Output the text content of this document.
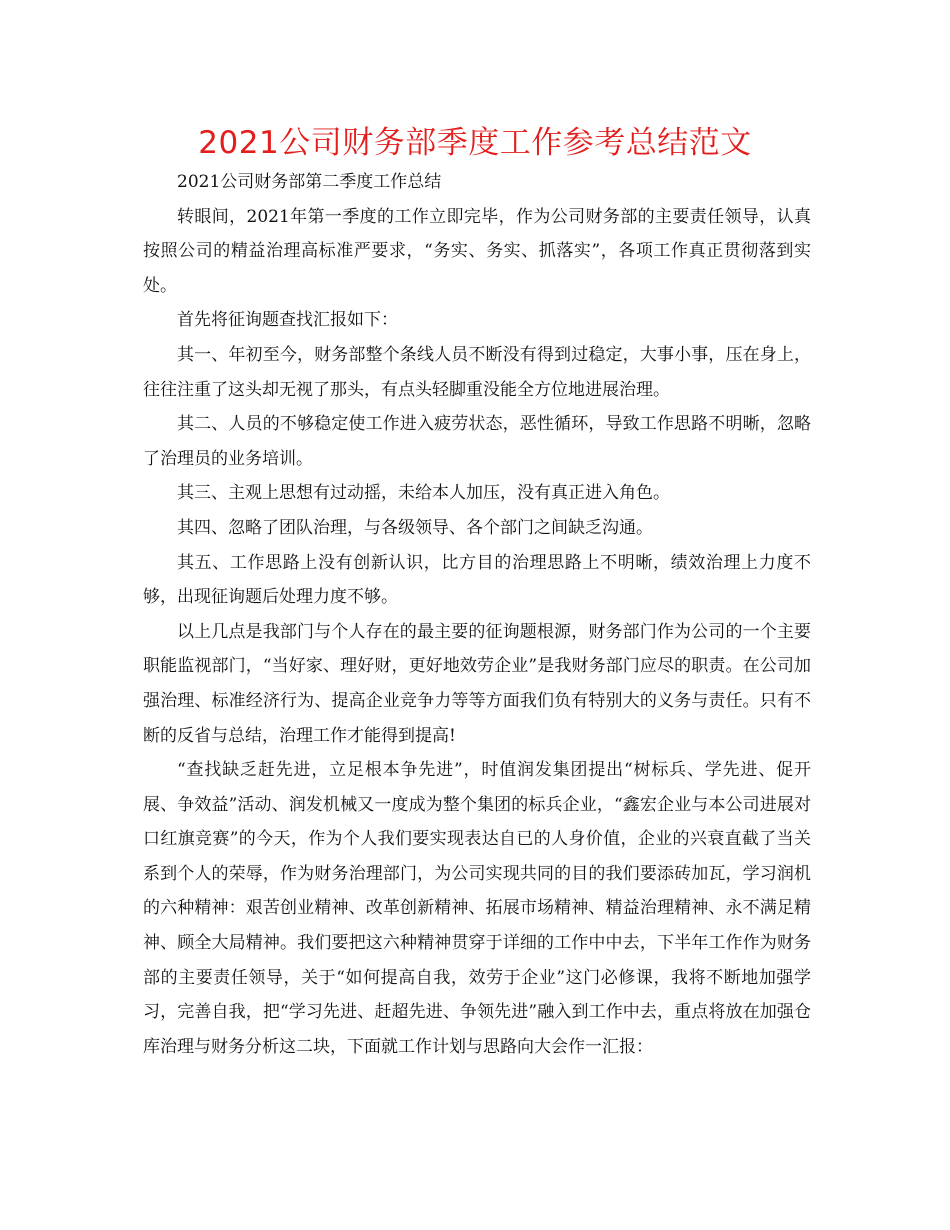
2021公司财务部季度工作参考总结范文

2021公司财务部第二季度工作总结

转眼间，2021年第一季度的工作立即完毕，作为公司财务部的主要责任领导，认真按照公司的精益治理高标准严要求，“务实、务实、抓落实”，各项工作真正贯彻落到实处。

首先将征询题查找汇报如下：

其一、年初至今，财务部整个条线人员不断没有得到过稳定，大事小事，压在身上，往往注重了这头却无视了那头，有点头轻脚重没能全方位地进展治理。

其二、人员的不够稳定使工作进入疲劳状态，恶性循环，导致工作思路不明晰，忽略了治理员的业务培训。

其三、主观上思想有过动摇，未给本人加压，没有真正进入角色。

其四、忽略了团队治理，与各级领导、各个部门之间缺乏沟通。

其五、工作思路上没有创新认识，比方目的治理思路上不明晰，绩效治理上力度不够，出现征询题后处理力度不够。

以上几点是我部门与个人存在的最主要的征询题根源，财务部门作为公司的一个主要职能监视部门，“当好家、理好财，更好地效劳企业”是我财务部门应尽的职责。在公司加强治理、标准经济行为、提高企业竞争力等等方面我们负有特别大的义务与责任。只有不断的反省与总结，治理工作才能得到提高!

“查找缺乏赶先进，立足根本争先进”，时值润发集团提出“树标兵、学先进、促开展、争效益”活动、润发机械又一度成为整个集团的标兵企业，“鑫宏企业与本公司进展对口红旗竞赛”的今天，作为个人我们要实现表达自已的人身价值，企业的兴衰直截了当关系到个人的荣辱，作为财务治理部门，为公司实现共同的目的我们要添砖加瓦，学习润机的六种精神：艰苦创业精神、改革创新精神、拓展市场精神、精益治理精神、永不满足精神、顾全大局精神。我们要把这六种精神贯穿于详细的工作中中去，下半年工作作为财务部的主要责任领导，关于“如何提高自我，效劳于企业”这门必修课，我将不断地加强学习，完善自我，把“学习先进、赶超先进、争领先进”融入到工作中去，重点将放在加强仓库治理与财务分析这二块，下面就工作计划与思路向大会作一汇报：
